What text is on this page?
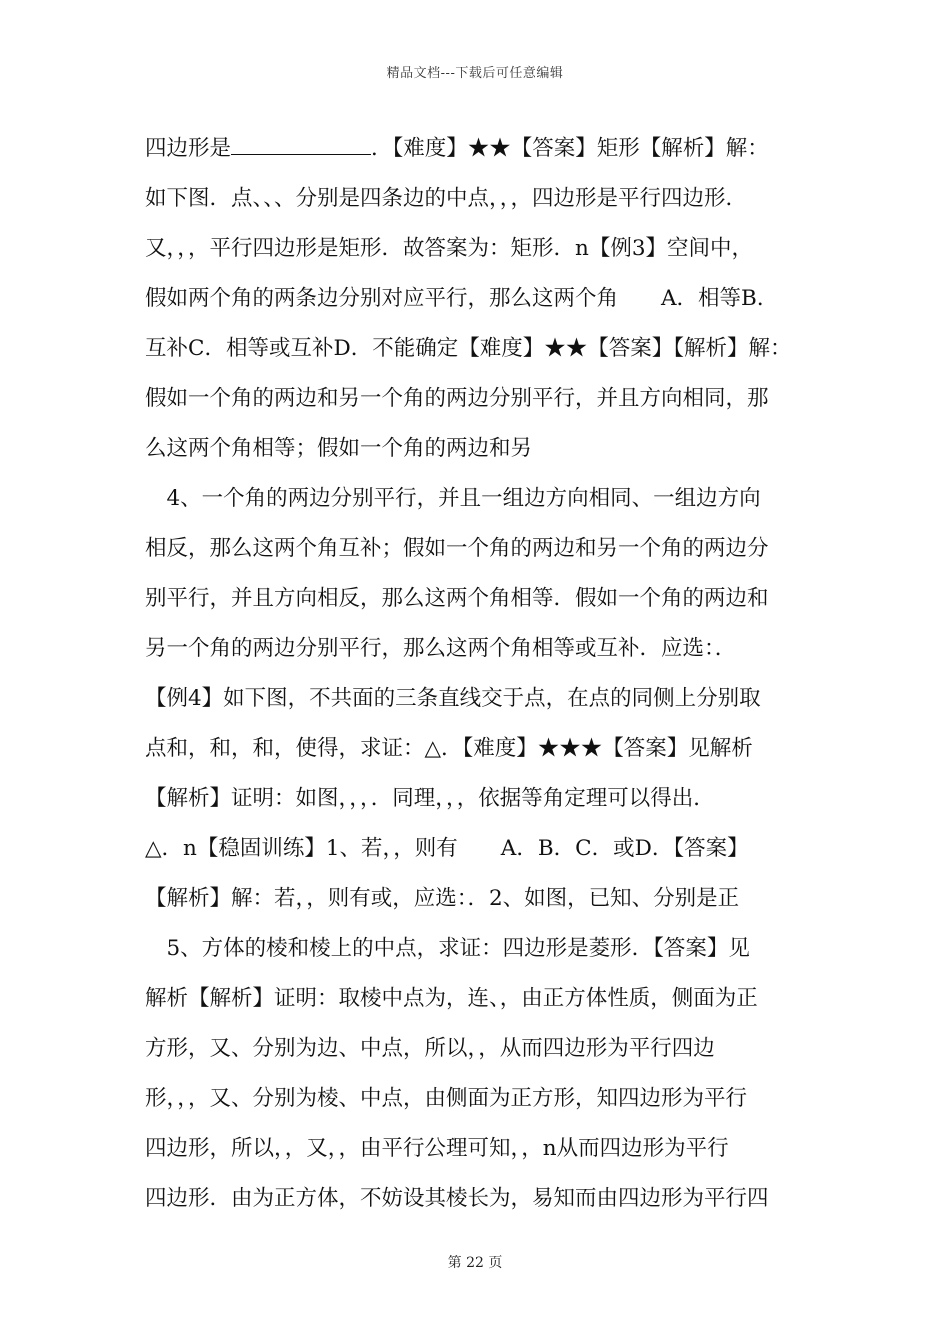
精品文档---下载后可任意编辑
四边形是	．【难度】★★【答案】矩形【解析】解：
如下图．点、、、分别是四条边的中点，，，四边形是平行四边形．
又，，，平行四边形是矩形．故答案为：矩形．n【例3】空间中，
假如两个角的两条边分别对应平行，那么这两个角　　A．相等B．
互补C．相等或互补D．不能确定【难度】★★【答案】【解析】解：
假如一个角的两边和另一个角的两边分别平行，并且方向相同，那
么这两个角相等；假如一个角的两边和另
　4、一个角的两边分别平行，并且一组边方向相同、一组边方向
相反，那么这两个角互补；假如一个角的两边和另一个角的两边分
别平行，并且方向相反，那么这两个角相等．假如一个角的两边和
另一个角的两边分别平行，那么这两个角相等或互补．应选：．
【例4】如下图，不共面的三条直线交于点，在点的同侧上分别取
点和，和，和，使得，求证：△．【难度】★★★【答案】见解析
【解析】证明：如图，，，．同理，，，依据等角定理可以得出．
△．n【稳固训练】1、若，，则有　　A．B．C．或D．【答案】
【解析】解：若，，则有或，应选：．2、如图，已知、分别是正
　5、方体的棱和棱上的中点，求证：四边形是菱形．【答案】见
解析【解析】证明：取棱中点为，连、，由正方体性质，侧面为正
方形，又、分别为边、中点，所以，，从而四边形为平行四边
形，，，又、分别为棱、中点，由侧面为正方形，知四边形为平行
四边形，所以，，又，，由平行公理可知，，n从而四边形为平行
四边形．由为正方体，不妨设其棱长为，易知而由四边形为平行四
第 22 页
